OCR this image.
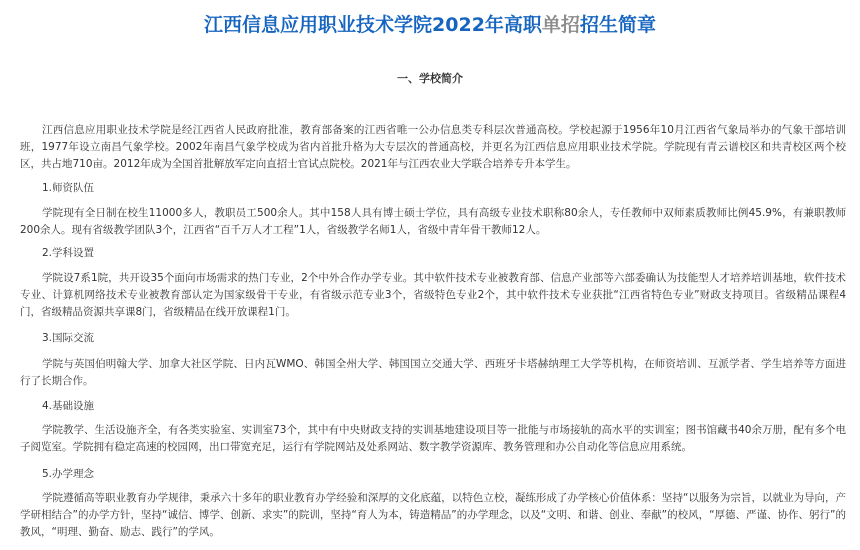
江西信息应用职业技术学院2022年高职单招招生简章
一、学校简介

江西信息应用职业技术学院是经江西省人民政府批准，教育部备案的江西省唯一公办信息类专科层次普通高校。学校起源于1956年10月江西省气象局举办的气象干部培训班，1977年设立南昌气象学校。2002年南昌气象学校成为省内首批升格为大专层次的普通高校，并更名为江西信息应用职业技术学院。学院现有青云谱校区和共青校区两个校区，共占地710亩。2012年成为全国首批解放军定向直招士官试点院校。2021年与江西农业大学联合培养专升本学生。

1.师资队伍

学院现有全日制在校生11000多人，教职员工500余人。其中158人具有博士硕士学位，具有高级专业技术职称80余人，专任教师中双师素质教师比例45.9%，有兼职教师200余人。现有省级教学团队3个，江西省“百千万人才工程”1人，省级教学名师1人，省级中青年骨干教师12人。

2.学科设置

学院设7系1院，共开设35个面向市场需求的热门专业，2个中外合作办学专业。其中软件技术专业被教育部、信息产业部等六部委确认为技能型人才培养培训基地，软件技术专业、计算机网络技术专业被教育部认定为国家级骨干专业，有省级示范专业3个，省级特色专业2个，其中软件技术专业获批“江西省特色专业”财政支持项目。省级精品课程4门，省级精品资源共享课8门，省级精品在线开放课程1门。

3.国际交流

学院与英国伯明翰大学、加拿大社区学院、日内瓦WMO、韩国全州大学、韩国国立交通大学、西班牙卡塔赫纳理工大学等机构，在师资培训、互派学者、学生培养等方面进行了长期合作。

4.基础设施

学院教学、生活设施齐全，有各类实验室、实训室73个，其中有中央财政支持的实训基地建设项目等一批能与市场接轨的高水平的实训室；图书馆藏书40余万册，配有多个电子阅览室。学院拥有稳定高速的校园网，出口带宽充足，运行有学院网站及处系网站、数字教学资源库、教务管理和办公自动化等信息应用系统。

5.办学理念

学院遵循高等职业教育办学规律，秉承六十多年的职业教育办学经验和深厚的文化底蕴，以特色立校，凝练形成了办学核心价值体系：坚持“以服务为宗旨，以就业为导向，产学研相结合”的办学方针，坚持“诚信、博学、创新、求实”的院训，坚持“育人为本，铸造精品”的办学理念，以及“文明、和谐、创业、奉献”的校风，“厚德、严谨、协作、躬行”的教风，“明理、勤奋、励志、践行”的学风。
